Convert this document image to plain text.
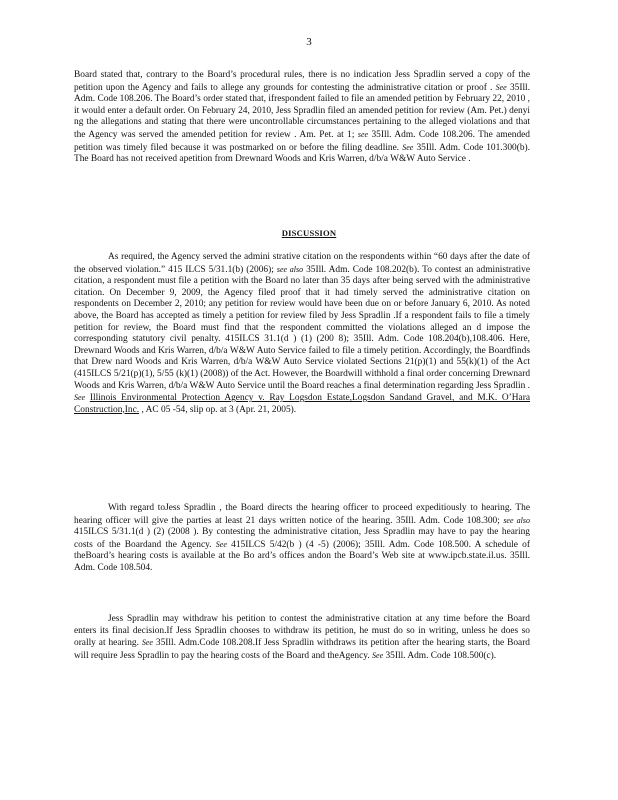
3

Board stated that, contrary to the Board’s procedural rules, there is no indication Jess Spradlin served a copy of the petition upon the Agency and fails to allege any grounds for contesting the administrative citation or proof . See 35Ill. Adm. Code 108.206. The Board’s order stated that, ifrespondent failed to file an amended petition by February 22, 2010 , it would enter a default order. On February 24, 2010, Jess Spradlin filed an amended petition for review (Am. Pet.) denyi ng the allegations and stating that there were uncontrollable circumstances pertaining to the alleged violations and that the Agency was served the amended petition for review . Am. Pet. at 1; see 35Ill. Adm. Code 108.206. The amended petition was timely filed because it was postmarked on or before the filing deadline. See 35Ill. Adm. Code 101.300(b). The Board has not received apetition from Drewnard Woods and Kris Warren, d/b/a W&W Auto Service .

DISCUSSION

As required, the Agency served the admini strative citation on the respondents within “60 days after the date of the observed violation.” 415 ILCS 5/31.1(b) (2006); see also 35Ill. Adm. Code 108.202(b). To contest an administrative citation, a respondent must file a petition with the Board no later than 35 days after being served with the administrative citation. On December 9, 2009, the Agency filed proof that it had timely served the administrative citation on respondents on December 2, 2010; any petition for review would have been due on or before January 6, 2010. As noted above, the Board has accepted as timely a petition for review filed by Jess Spradlin .If a respondent fails to file a timely petition for review, the Board must find that the respondent committed the violations alleged an d impose the corresponding statutory civil penalty. 415ILCS 31.1(d ) (1) (200 8); 35Ill. Adm. Code 108.204(b),108.406. Here, Drewnard Woods and Kris Warren, d/b/a W&W Auto Service failed to file a timely petition. Accordingly, the Boardfinds that Drew nard Woods and Kris Warren, d/b/a W&W Auto Service violated Sections 21(p)(1) and 55(k)(1) of the Act (415ILCS 5/21(p)(1), 5/55 (k)(1) (2008)) of the Act. However, the Boardwill withhold a final order concerning Drewnard Woods and Kris Warren, d/b/a W&W Auto Service until the Board reaches a final determination regarding Jess Spradlin . See Illinois Environmental Protection Agency v. Ray Logsdon Estate,Logsdon Sandand Gravel, and M.K. O’Hara Construction,Inc. , AC 05 -54, slip op. at 3 (Apr. 21, 2005).

With regard toJess Spradlin , the Board directs the hearing officer to proceed expeditiously to hearing. The hearing officer will give the parties at least 21 days written notice of the hearing. 35Ill. Adm. Code 108.300; see also 415ILCS 5/31.1(d ) (2) (2008 ). By contesting the administrative citation, Jess Spradlin may have to pay the hearing costs of the Boardand the Agency. See 415ILCS 5/42(b ) (4 -5) (2006); 35Ill. Adm. Code 108.500. A schedule of theBoard’s hearing costs is available at the Bo ard’s offices andon the Board’s Web site at www.ipcb.state.il.us. 35Ill. Adm. Code 108.504.

Jess Spradlin may withdraw his petition to contest the administrative citation at any time before the Board enters its final decision.If Jess Spradlin chooses to withdraw its petition, he must do so in writing, unless he does so orally at hearing. See 35Ill. Adm.Code 108.208.If Jess Spradlin withdraws its petition after the hearing starts, the Board will require Jess Spradlin to pay the hearing costs of the Board and theAgency. See 35Ill. Adm. Code 108.500(c).
